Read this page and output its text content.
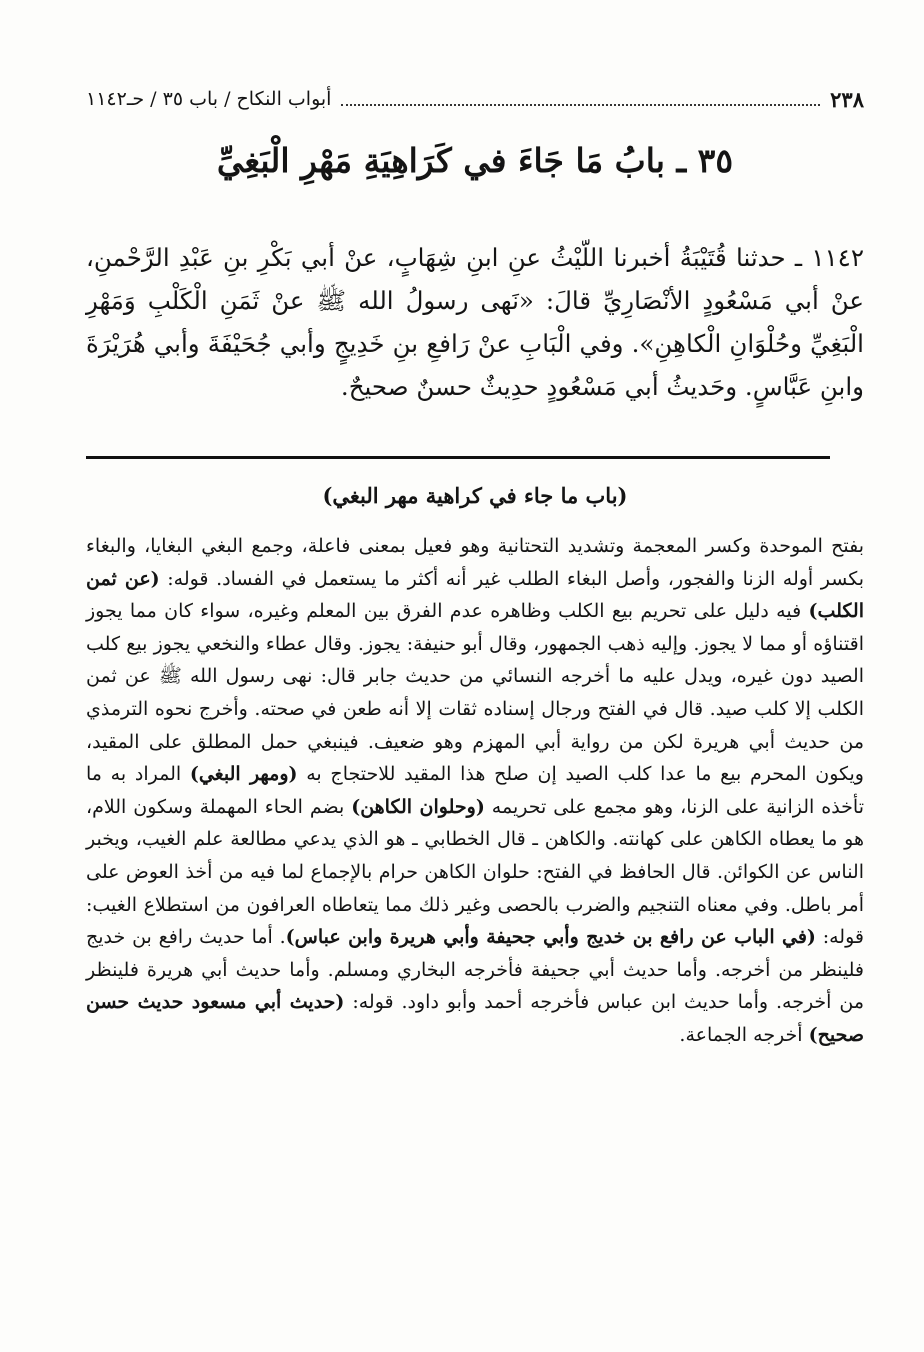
٢٣٨
أبواب النكاح / باب ٣٥ / حـ١١٤٢
٣٥ ـ بابُ مَا جَاءَ في كَرَاهِيَةِ مَهْرِ الْبَغِيِّ
١١٤٢ ـ حدثنا قُتَيْبَةُ أخبرنا اللّيْثُ عنِ ابنِ شِهَابٍ، عنْ أبي بَكْرِ بنِ عَبْدِ الرَّحْمنِ، عنْ أبي مَسْعُودٍ الأنْصَارِيِّ قالَ: «نَهى رسولُ الله ﷺ عنْ ثَمَنِ الْكَلْبِ وَمَهْرِ الْبَغِيِّ وحُلْوَانِ الْكاهِنِ». وفي الْبَابِ عنْ رَافعِ بنِ خَدِيجٍ وأبي جُحَيْفَةَ وأبي هُرَيْرَةَ وابنِ عَبَّاسٍ. وحَديثُ أبي مَسْعُودٍ حدِيثٌ حسنٌ صحيحٌ.
(باب ما جاء في كراهية مهر البغي)
بفتح الموحدة وكسر المعجمة وتشديد التحتانية وهو فعيل بمعنى فاعلة، وجمع البغي البغايا، والبغاء بكسر أوله الزنا والفجور، وأصل البغاء الطلب غير أنه أكثر ما يستعمل في الفساد. قوله: (عن ثمن الكلب) فيه دليل على تحريم بيع الكلب وظاهره عدم الفرق بين المعلم وغيره، سواء كان مما يجوز اقتناؤه أو مما لا يجوز. وإليه ذهب الجمهور، وقال أبو حنيفة: يجوز. وقال عطاء والنخعي يجوز بيع كلب الصيد دون غيره، ويدل عليه ما أخرجه النسائي من حديث جابر قال: نهى رسول الله ﷺ عن ثمن الكلب إلا كلب صيد. قال في الفتح ورجال إسناده ثقات إلا أنه طعن في صحته. وأخرج نحوه الترمذي من حديث أبي هريرة لكن من رواية أبي المهزم وهو ضعيف. فينبغي حمل المطلق على المقيد، ويكون المحرم بيع ما عدا كلب الصيد إن صلح هذا المقيد للاحتجاج به (ومهر البغي) المراد به ما تأخذه الزانية على الزنا، وهو مجمع على تحريمه (وحلوان الكاهن) بضم الحاء المهملة وسكون اللام، هو ما يعطاه الكاهن على كهانته. والكاهن ـ قال الخطابي ـ هو الذي يدعي مطالعة علم الغيب، ويخبر الناس عن الكوائن. قال الحافظ في الفتح: حلوان الكاهن حرام بالإجماع لما فيه من أخذ العوض على أمر باطل. وفي معناه التنجيم والضرب بالحصى وغير ذلك مما يتعاطاه العرافون من استطلاع الغيب: قوله: (في الباب عن رافع بن خديج وأبي جحيفة وأبي هريرة وابن عباس). أما حديث رافع بن خديج فلينظر من أخرجه. وأما حديث أبي جحيفة فأخرجه البخاري ومسلم. وأما حديث أبي هريرة فلينظر من أخرجه. وأما حديث ابن عباس فأخرجه أحمد وأبو داود. قوله: (حديث أبي مسعود حديث حسن صحيح) أخرجه الجماعة.
